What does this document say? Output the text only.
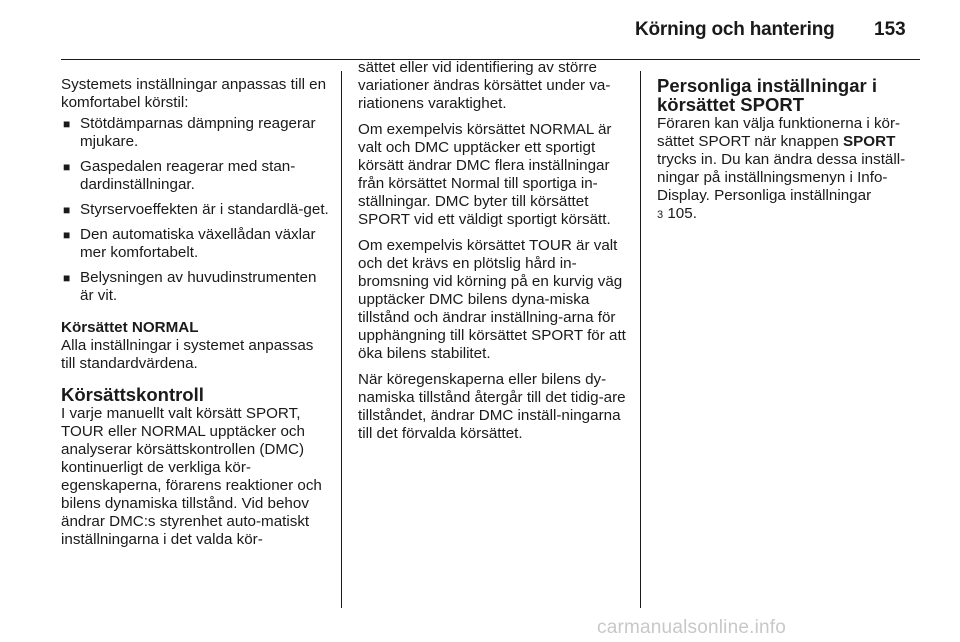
Körning och hantering 153

Systemets inställningar anpassas till en komfortabel körstil:

■ Stötdämparnas dämpning reagerar mjukare.
■ Gaspedalen reagerar med stan-dardinställningar.
■ Styrservoeffekten är i standardlä-get.
■ Den automatiska växellådan växlar mer komfortabelt.
■ Belysningen av huvudinstrumenten är vit.
Körsättet NORMAL

Alla inställningar i systemet anpassas till standardvärdena.

Körsättskontroll

I varje manuellt valt körsätt SPORT, TOUR eller NORMAL upptäcker och analyserar körsättskontrollen (DMC) kontinuerligt de verkliga kör-egenskaperna, förarens reaktioner och bilens dynamiska tillstånd. Vid behov ändrar DMC:s styrenhet auto-matiskt inställningarna i det valda kör-

sättet eller vid identifiering av större variationer ändras körsättet under va-riationens varaktighet.

Om exempelvis körsättet NORMAL är valt och DMC upptäcker ett sportigt körsätt ändrar DMC flera inställningar från körsättet Normal till sportiga in-ställningar. DMC byter till körsättet SPORT vid ett väldigt sportigt körsätt.

Om exempelvis körsättet TOUR är valt och det krävs en plötslig hård in-bromsning vid körning på en kurvig väg upptäcker DMC bilens dyna-miska tillstånd och ändrar inställning-arna för upphängning till körsättet SPORT för att öka bilens stabilitet.

När köregenskaperna eller bilens dy-namiska tillstånd återgår till det tidig-are tillståndet, ändrar DMC inställ-ningarna till det förvalda körsättet.

Personliga inställningar i körsättet SPORT

Föraren kan välja funktionerna i kör-sättet SPORT när knappen SPORT trycks in. Du kan ändra dessa inställ-ningar på inställningsmenyn i Info-Display. Personliga inställningar
3 105.

carmanualsonline.info
